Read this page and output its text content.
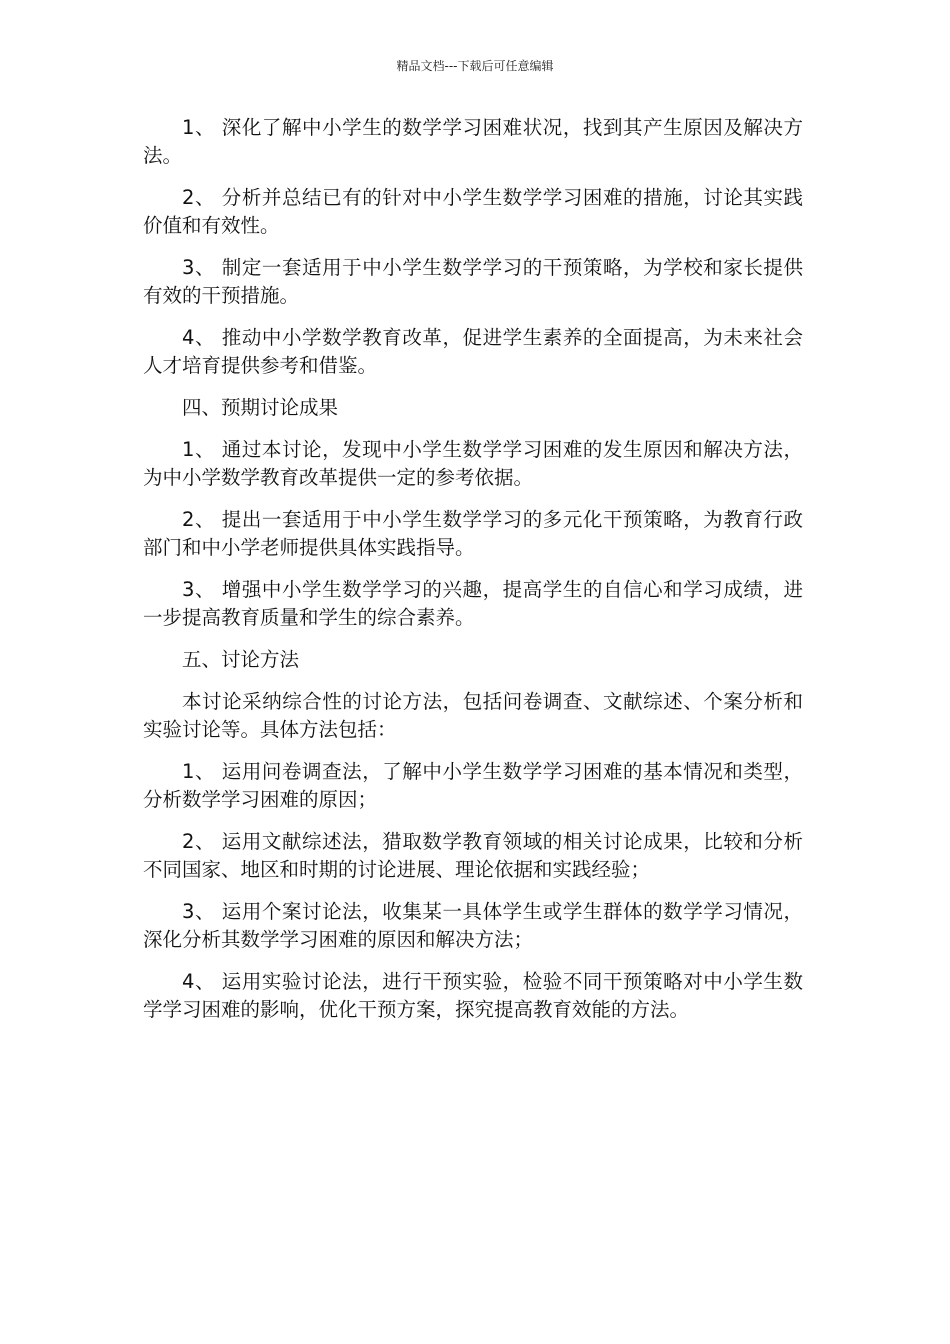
精品文档---下载后可任意编辑

1、 深化了解中小学生的数学学习困难状况，找到其产生原因及解决方法。

2、 分析并总结已有的针对中小学生数学学习困难的措施，讨论其实践价值和有效性。

3、 制定一套适用于中小学生数学学习的干预策略，为学校和家长提供有效的干预措施。

4、 推动中小学数学教育改革，促进学生素养的全面提高，为未来社会人才培育提供参考和借鉴。

四、预期讨论成果

1、 通过本讨论，发现中小学生数学学习困难的发生原因和解决方法，为中小学数学教育改革提供一定的参考依据。

2、 提出一套适用于中小学生数学学习的多元化干预策略，为教育行政部门和中小学老师提供具体实践指导。

3、 增强中小学生数学学习的兴趣，提高学生的自信心和学习成绩，进一步提高教育质量和学生的综合素养。

五、讨论方法

本讨论采纳综合性的讨论方法，包括问卷调查、文献综述、个案分析和实验讨论等。具体方法包括：

1、 运用问卷调查法，了解中小学生数学学习困难的基本情况和类型，分析数学学习困难的原因；

2、 运用文献综述法，猎取数学教育领域的相关讨论成果，比较和分析不同国家、地区和时期的讨论进展、理论依据和实践经验；

3、 运用个案讨论法，收集某一具体学生或学生群体的数学学习情况，深化分析其数学学习困难的原因和解决方法；

4、 运用实验讨论法，进行干预实验，检验不同干预策略对中小学生数学学习困难的影响，优化干预方案，探究提高教育效能的方法。
